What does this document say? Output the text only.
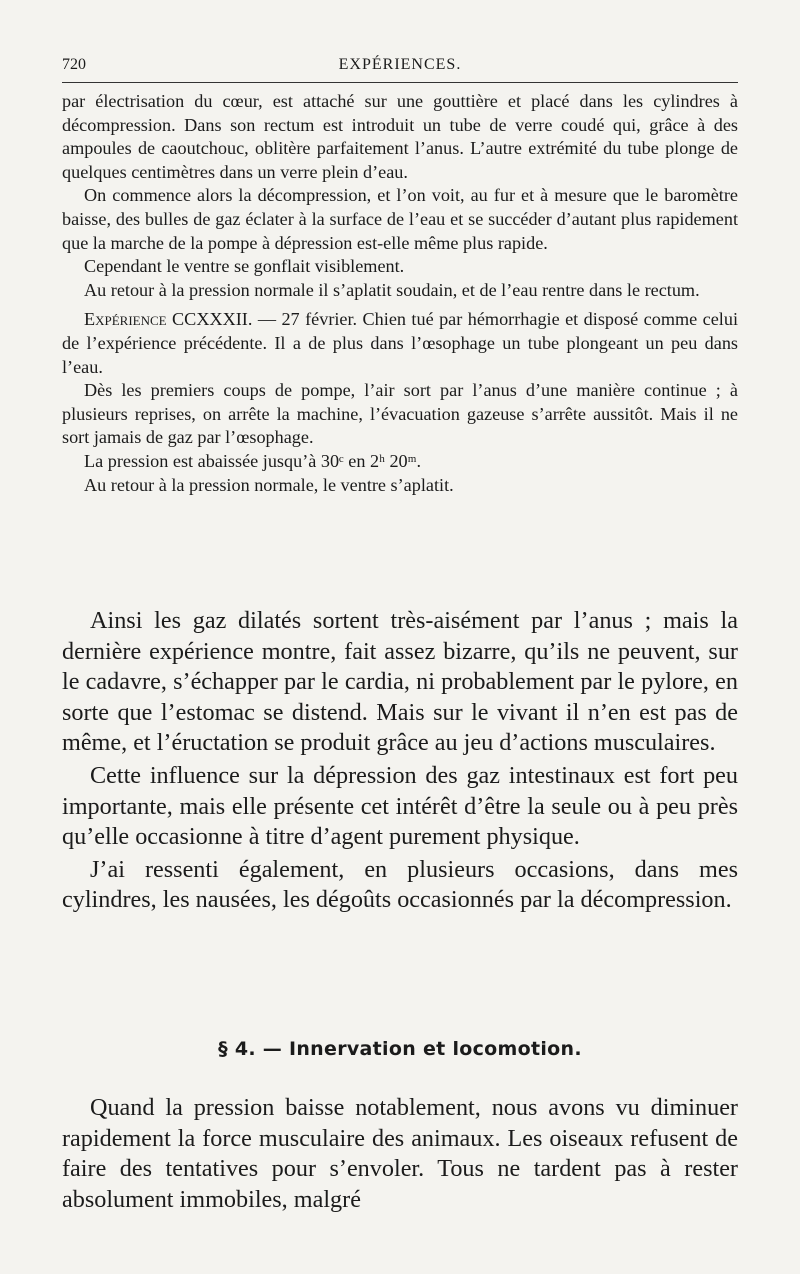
720	EXPÉRIENCES.

par électrisation du cœur, est attaché sur une gouttière et placé dans les cylindres à décompression. Dans son rectum est introduit un tube de verre coudé qui, grâce à des ampoules de caoutchouc, oblitère parfaitement l’anus. L’autre extrémité du tube plonge de quelques centimètres dans un verre plein d’eau.

On commence alors la décompression, et l’on voit, au fur et à mesure que le baromètre baisse, des bulles de gaz éclater à la surface de l’eau et se succéder d’autant plus rapidement que la marche de la pompe à dépression est-elle même plus rapide.

Cependant le ventre se gonflait visiblement.

Au retour à la pression normale il s’aplatit soudain, et de l’eau rentre dans le rectum.

Expérience CCXXXII. — 27 février. Chien tué par hémorrhagie et disposé comme celui de l’expérience précédente. Il a de plus dans l’œsophage un tube plongeant un peu dans l’eau.

Dès les premiers coups de pompe, l’air sort par l’anus d’une manière continue ; à plusieurs reprises, on arrête la machine, l’évacuation gazeuse s’arrête aussitôt. Mais il ne sort jamais de gaz par l’œsophage.

La pression est abaissée jusqu’à 30ᶜ en 2ʰ 20ᵐ.

Au retour à la pression normale, le ventre s’aplatit.

Ainsi les gaz dilatés sortent très-aisément par l’anus ; mais la dernière expérience montre, fait assez bizarre, qu’ils ne peuvent, sur le cadavre, s’échapper par le cardia, ni probablement par le pylore, en sorte que l’estomac se distend. Mais sur le vivant il n’en est pas de même, et l’éructation se produit grâce au jeu d’actions musculaires.

Cette influence sur la dépression des gaz intestinaux est fort peu importante, mais elle présente cet intérêt d’être la seule ou à peu près qu’elle occasionne à titre d’agent purement physique.

J’ai ressenti également, en plusieurs occasions, dans mes cylindres, les nausées, les dégoûts occasionnés par la décompression.

§ 4. — Innervation et locomotion.

Quand la pression baisse notablement, nous avons vu diminuer rapidement la force musculaire des animaux. Les oiseaux refusent de faire des tentatives pour s’envoler. Tous ne tardent pas à rester absolument immobiles, malgré
